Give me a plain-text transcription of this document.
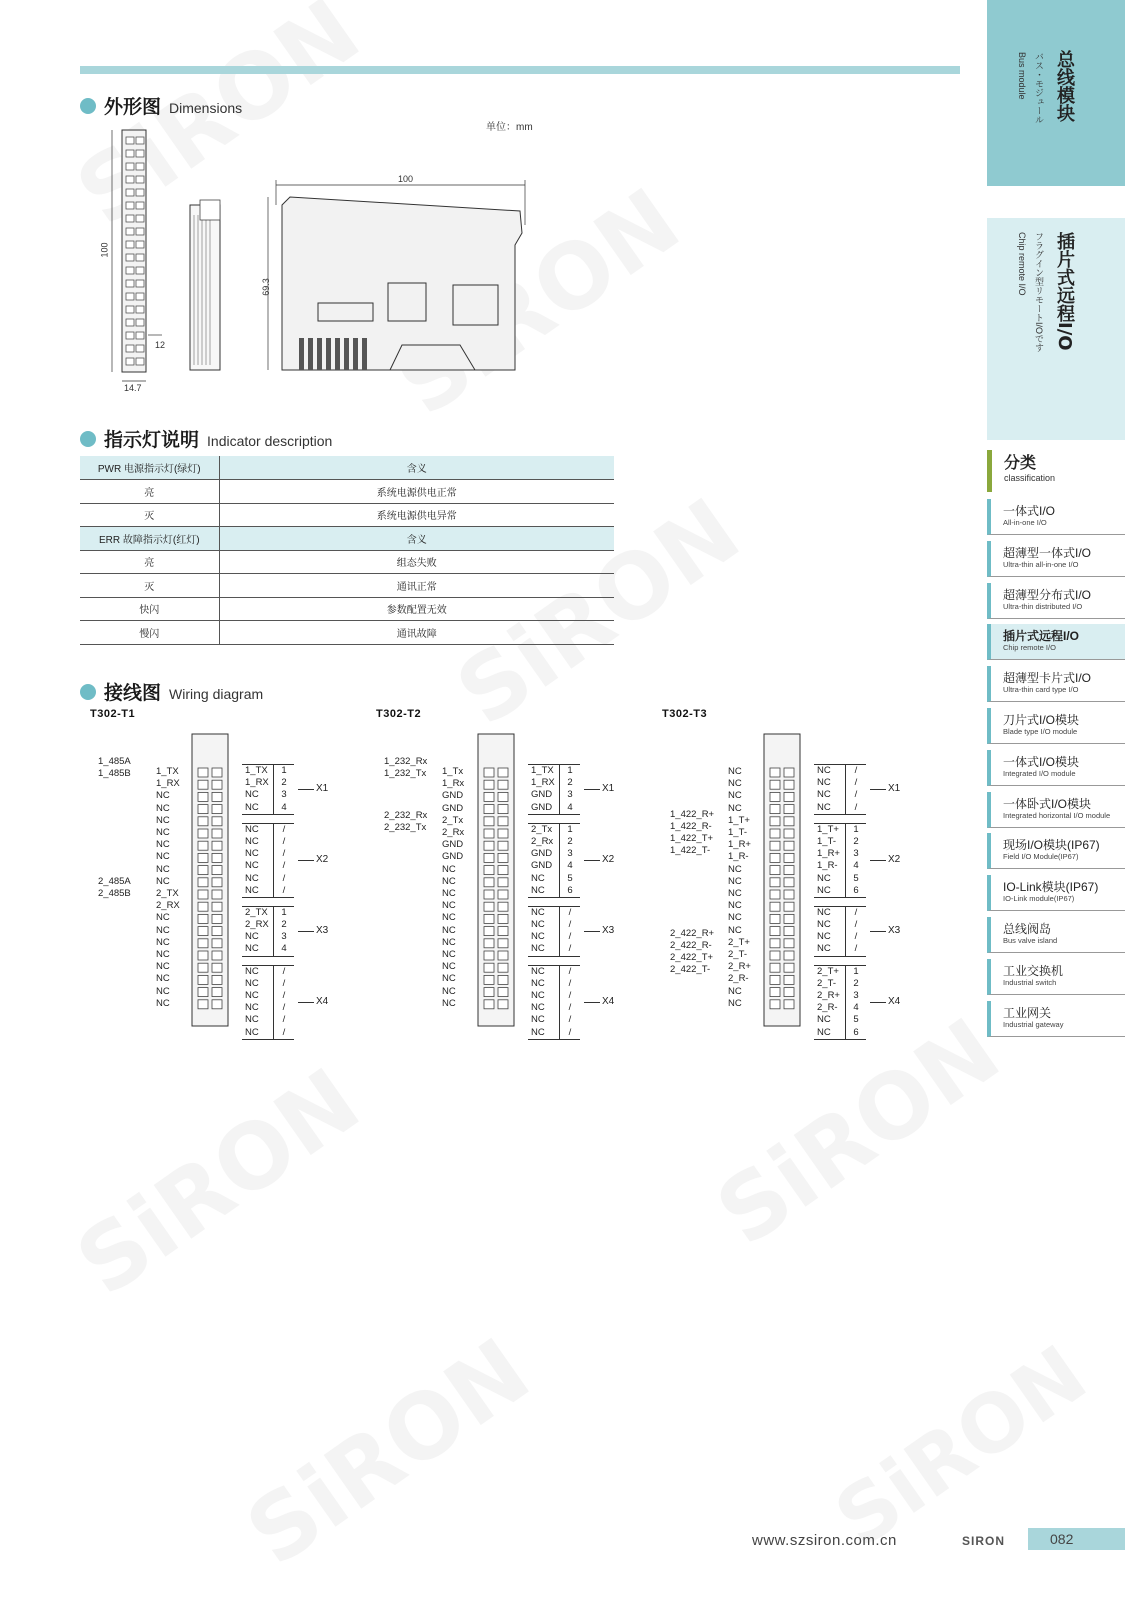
外形图 Dimensions
单位：mm
100
12
14.7
100
69.3
指示灯说明 Indicator description
PWR 电源指示灯(绿灯)	含义
亮	系统电源供电正常
灭	系统电源供电异常
ERR 故障指示灯(红灯)	含义
亮	组态失败
灭	通讯正常
快闪	参数配置无效
慢闪	通讯故障
接线图 Wiring diagram
T302-T1
1_TX
1_RX
NC
NC
NC
NC
NC
NC
NC
NC
2_TX
2_RX
NC
NC
NC
NC
NC
NC
NC
NC
1_485A
1_485B
2_485A
2_485B
X1
X2
X3
X4
1_TX	1
1_RX	2
NC	3
NC	4
NC	/
NC	/
NC	/
NC	/
NC	/
NC	/
2_TX	1
2_RX	2
NC	3
NC	4
NC	/
NC	/
NC	/
NC	/
NC	/
NC	/
T302-T2
1_Tx
1_Rx
GND
GND
2_Tx
2_Rx
GND
GND
NC
NC
NC
NC
NC
NC
NC
NC
NC
NC
NC
NC
1_232_Rx
1_232_Tx
2_232_Rx
2_232_Tx
X1
X2
X3
X4
1_TX	1
1_RX	2
GND	3
GND	4
2_Tx	1
2_Rx	2
GND	3
GND	4
NC	5
NC	6
NC	/
NC	/
NC	/
NC	/
NC	/
NC	/
NC	/
NC	/
NC	/
NC	/
T302-T3
NC
NC
NC
NC
1_T+
1_T-
1_R+
1_R-
NC
NC
NC
NC
NC
NC
2_T+
2_T-
2_R+
2_R-
NC
NC
1_422_R+
1_422_R-
1_422_T+
1_422_T-
2_422_R+
2_422_R-
2_422_T+
2_422_T-
X1
X2
X3
X4
NC	/
NC	/
NC	/
NC	/
1_T+	1
1_T-	2
1_R+	3
1_R-	4
NC	5
NC	6
NC	/
NC	/
NC	/
NC	/
2_T+	1
2_T-	2
2_R+	3
2_R-	4
NC	5
NC	6
总线模块
バス・モジュール
Bus module
插片式远程I/O
フラグイン型リモートI/Oです
Chip remote I/O
分类
classification
一体式I/O
All-in-one I/O
超薄型一体式I/O
Ultra-thin all-in-one I/O
超薄型分布式I/O
Ultra-thin distributed I/O
插片式远程I/O
Chip remote I/O
超薄型卡片式I/O
Ultra-thin card type I/O
刀片式I/O模块
Blade type I/O module
一体式I/O模块
Integrated I/O module
一体卧式I/O模块
Integrated horizontal I/O module
现场I/O模块(IP67)
Field I/O Module(IP67)
IO-Link模块(IP67)
IO-Link module(IP67)
总线阀岛
Bus valve island
工业交换机
Industrial switch
工业网关
Industrial gateway
www.szsiron.com.cn	SIRON	082
